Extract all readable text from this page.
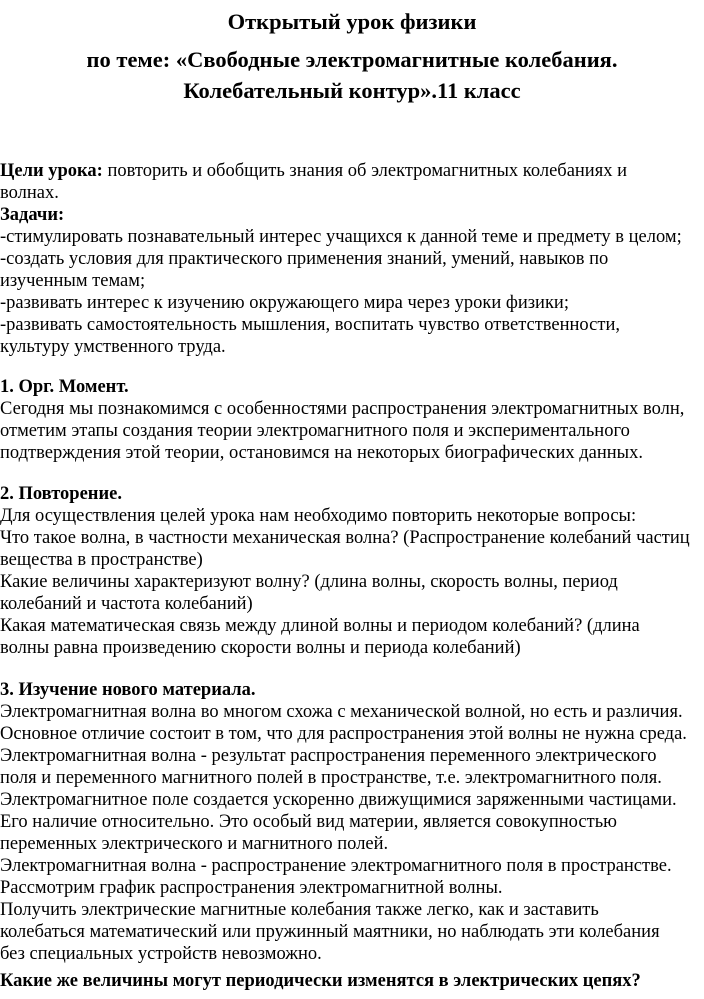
Открытый урок физики
по теме: «Свободные электромагнитные колебания.
Колебательный контур».11 класс
Цели урока: повторить и обобщить знания об электромагнитных колебаниях и
волнах.
Задачи:
-стимулировать познавательный интерес учащихся к данной теме и предмету в целом;
-создать условия для практического применения знаний, умений, навыков по
изученным темам;
-развивать интерес к изучению окружающего мира через уроки физики;
-развивать самостоятельность мышления, воспитать чувство ответственности,
культуру умственного труда.
1. Орг. Момент.
Сегодня мы познакомимся с особенностями распространения электромагнитных волн,
отметим этапы создания теории электромагнитного поля и экспериментального
подтверждения этой теории, остановимся на некоторых биографических данных.
2. Повторение.
Для осуществления целей урока нам необходимо повторить некоторые вопросы:
Что такое волна, в частности механическая волна? (Распространение колебаний частиц
вещества в пространстве)
Какие величины характеризуют волну? (длина волны, скорость волны, период
колебаний и частота колебаний)
Какая математическая связь между длиной волны и периодом колебаний? (длина
волны равна произведению скорости волны и периода колебаний)
3. Изучение нового материала.
Электромагнитная волна во многом схожа с механической волной, но есть и различия.
Основное отличие состоит в том, что для распространения этой волны не нужна среда.
Электромагнитная волна - результат распространения переменного электрического
поля и переменного магнитного полей в пространстве, т.е. электромагнитного поля.
Электромагнитное поле создается ускоренно движущимися заряженными частицами.
Его наличие относительно. Это особый вид материи, является совокупностью
переменных электрического и магнитного полей.
Электромагнитная волна - распространение электромагнитного поля в пространстве.
Рассмотрим график распространения электромагнитной волны.
Получить электрические магнитные колебания также легко, как и заставить
колебаться математический или пружинный маятники, но наблюдать эти колебания
без специальных устройств невозможно.
Какие же величины могут периодически изменятся в электрических цепях?
